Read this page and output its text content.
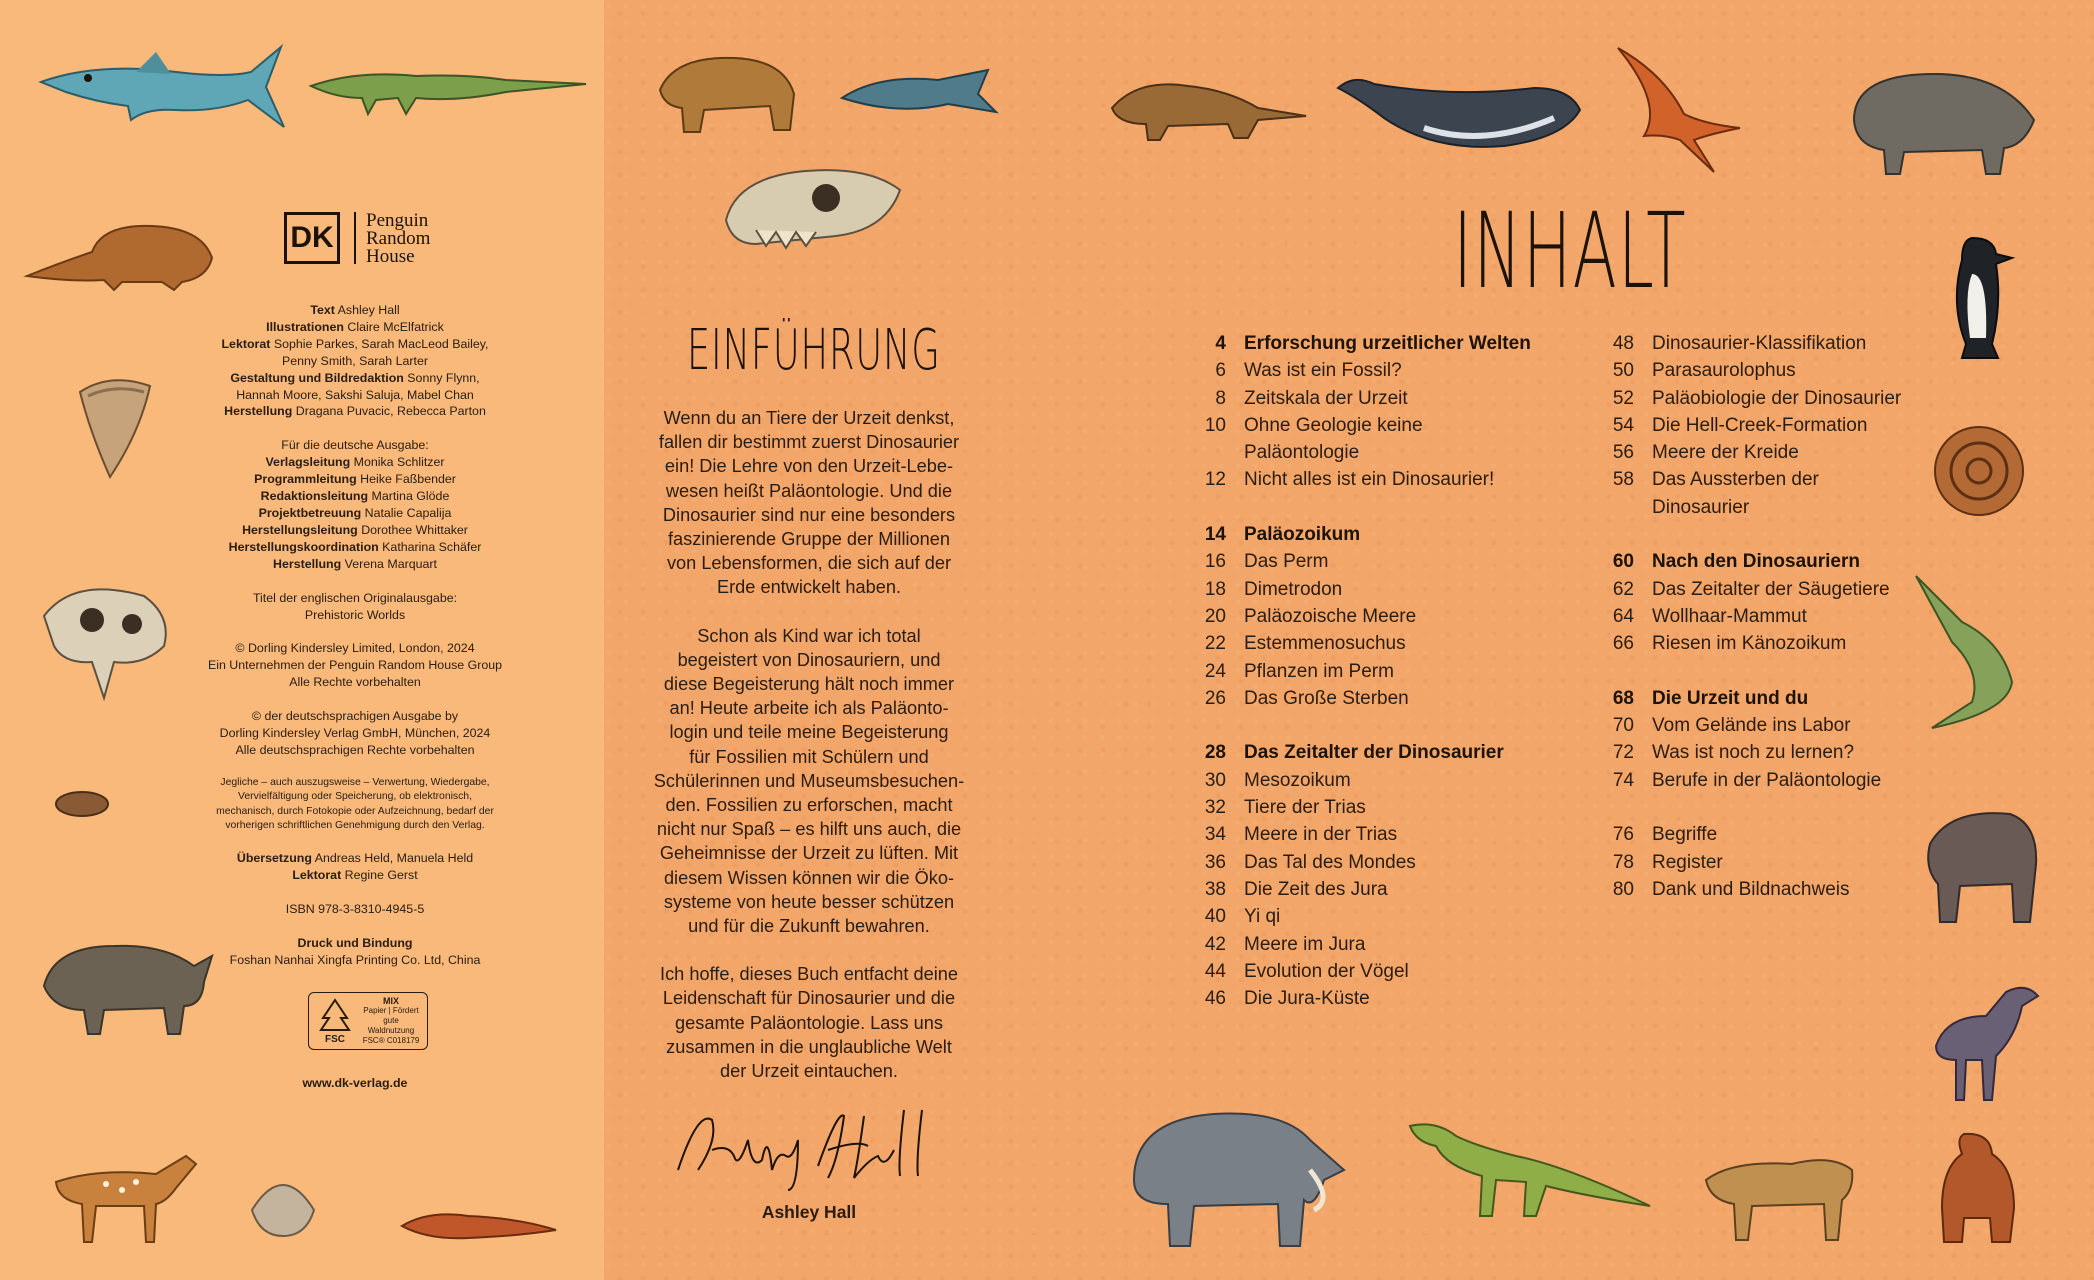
DK
Penguin
Random
House
Text Ashley Hall
Illustrationen Claire McElfatrick
Lektorat Sophie Parkes, Sarah MacLeod Bailey,
Penny Smith, Sarah Larter
Gestaltung und Bildredaktion Sonny Flynn,
Hannah Moore, Sakshi Saluja, Mabel Chan
Herstellung Dragana Puvacic, Rebecca Parton
Für die deutsche Ausgabe:
Verlagsleitung Monika Schlitzer
Programmleitung Heike Faßbender
Redaktionsleitung Martina Glöde
Projektbetreuung Natalie Capalija
Herstellungsleitung Dorothee Whittaker
Herstellungskoordination Katharina Schäfer
Herstellung Verena Marquart
Titel der englischen Originalausgabe:
Prehistoric Worlds
© Dorling Kindersley Limited, London, 2024
Ein Unternehmen der Penguin Random House Group
Alle Rechte vorbehalten
© der deutschsprachigen Ausgabe by
Dorling Kindersley Verlag GmbH, München, 2024
Alle deutschsprachigen Rechte vorbehalten
Jegliche – auch auszugsweise – Verwertung, Wiedergabe,
Vervielfältigung oder Speicherung, ob elektronisch,
mechanisch, durch Fotokopie oder Aufzeichnung, bedarf der
vorherigen schriftlichen Genehmigung durch den Verlag.
Übersetzung Andreas Held, Manuela Held
Lektorat Regine Gerst
ISBN 978-3-8310-4945-5
Druck und Bindung
Foshan Nanhai Xingfa Printing Co. Ltd, China
FSC
MIX
Papier | Fördert
gute Waldnutzung
FSC® C018179
www.dk-verlag.de
EINFÜHRUNG

Wenn du an Tiere der Urzeit denkst,
fallen dir bestimmt zuerst Dinosaurier
ein! Die Lehre von den Urzeit-Lebe-
wesen heißt Paläontologie. Und die
Dinosaurier sind nur eine besonders
faszinierende Gruppe der Millionen
von Lebensformen, die sich auf der
Erde entwickelt haben.

Schon als Kind war ich total
begeistert von Dinosauriern, und
diese Begeisterung hält noch immer
an! Heute arbeite ich als Paläonto-
login und teile meine Begeisterung
für Fossilien mit Schülern und
Schülerinnen und Museumsbesuchen-
den. Fossilien zu erforschen, macht
nicht nur Spaß – es hilft uns auch, die
Geheimnisse der Urzeit zu lüften. Mit
diesem Wissen können wir die Öko-
systeme von heute besser schützen
und für die Zukunft bewahren.

Ich hoffe, dieses Buch entfacht deine
Leidenschaft für Dinosaurier und die
gesamte Paläontologie. Lass uns
zusammen in die unglaubliche Welt
der Urzeit eintauchen.

Ashley Hall
INHALT
4 Erforschung urzeitlicher Welten
6 Was ist ein Fossil?
8 Zeitskala der Urzeit
10 Ohne Geologie keine
Paläontologie
12 Nicht alles ist ein Dinosaurier!
14 Paläozoikum
16 Das Perm
18 Dimetrodon
20 Paläozoische Meere
22 Estemmenosuchus
24 Pflanzen im Perm
26 Das Große Sterben
28 Das Zeitalter der Dinosaurier
30 Mesozoikum
32 Tiere der Trias
34 Meere in der Trias
36 Das Tal des Mondes
38 Die Zeit des Jura
40 Yi qi
42 Meere im Jura
44 Evolution der Vögel
46 Die Jura-Küste
48 Dinosaurier-Klassifikation
50 Parasaurolophus
52 Paläobiologie der Dinosaurier
54 Die Hell-Creek-Formation
56 Meere der Kreide
58 Das Aussterben der
Dinosaurier
60 Nach den Dinosauriern
62 Das Zeitalter der Säugetiere
64 Wollhaar-Mammut
66 Riesen im Känozoikum
68 Die Urzeit und du
70 Vom Gelände ins Labor
72 Was ist noch zu lernen?
74 Berufe in der Paläontologie
76 Begriffe
78 Register
80 Dank und Bildnachweis
